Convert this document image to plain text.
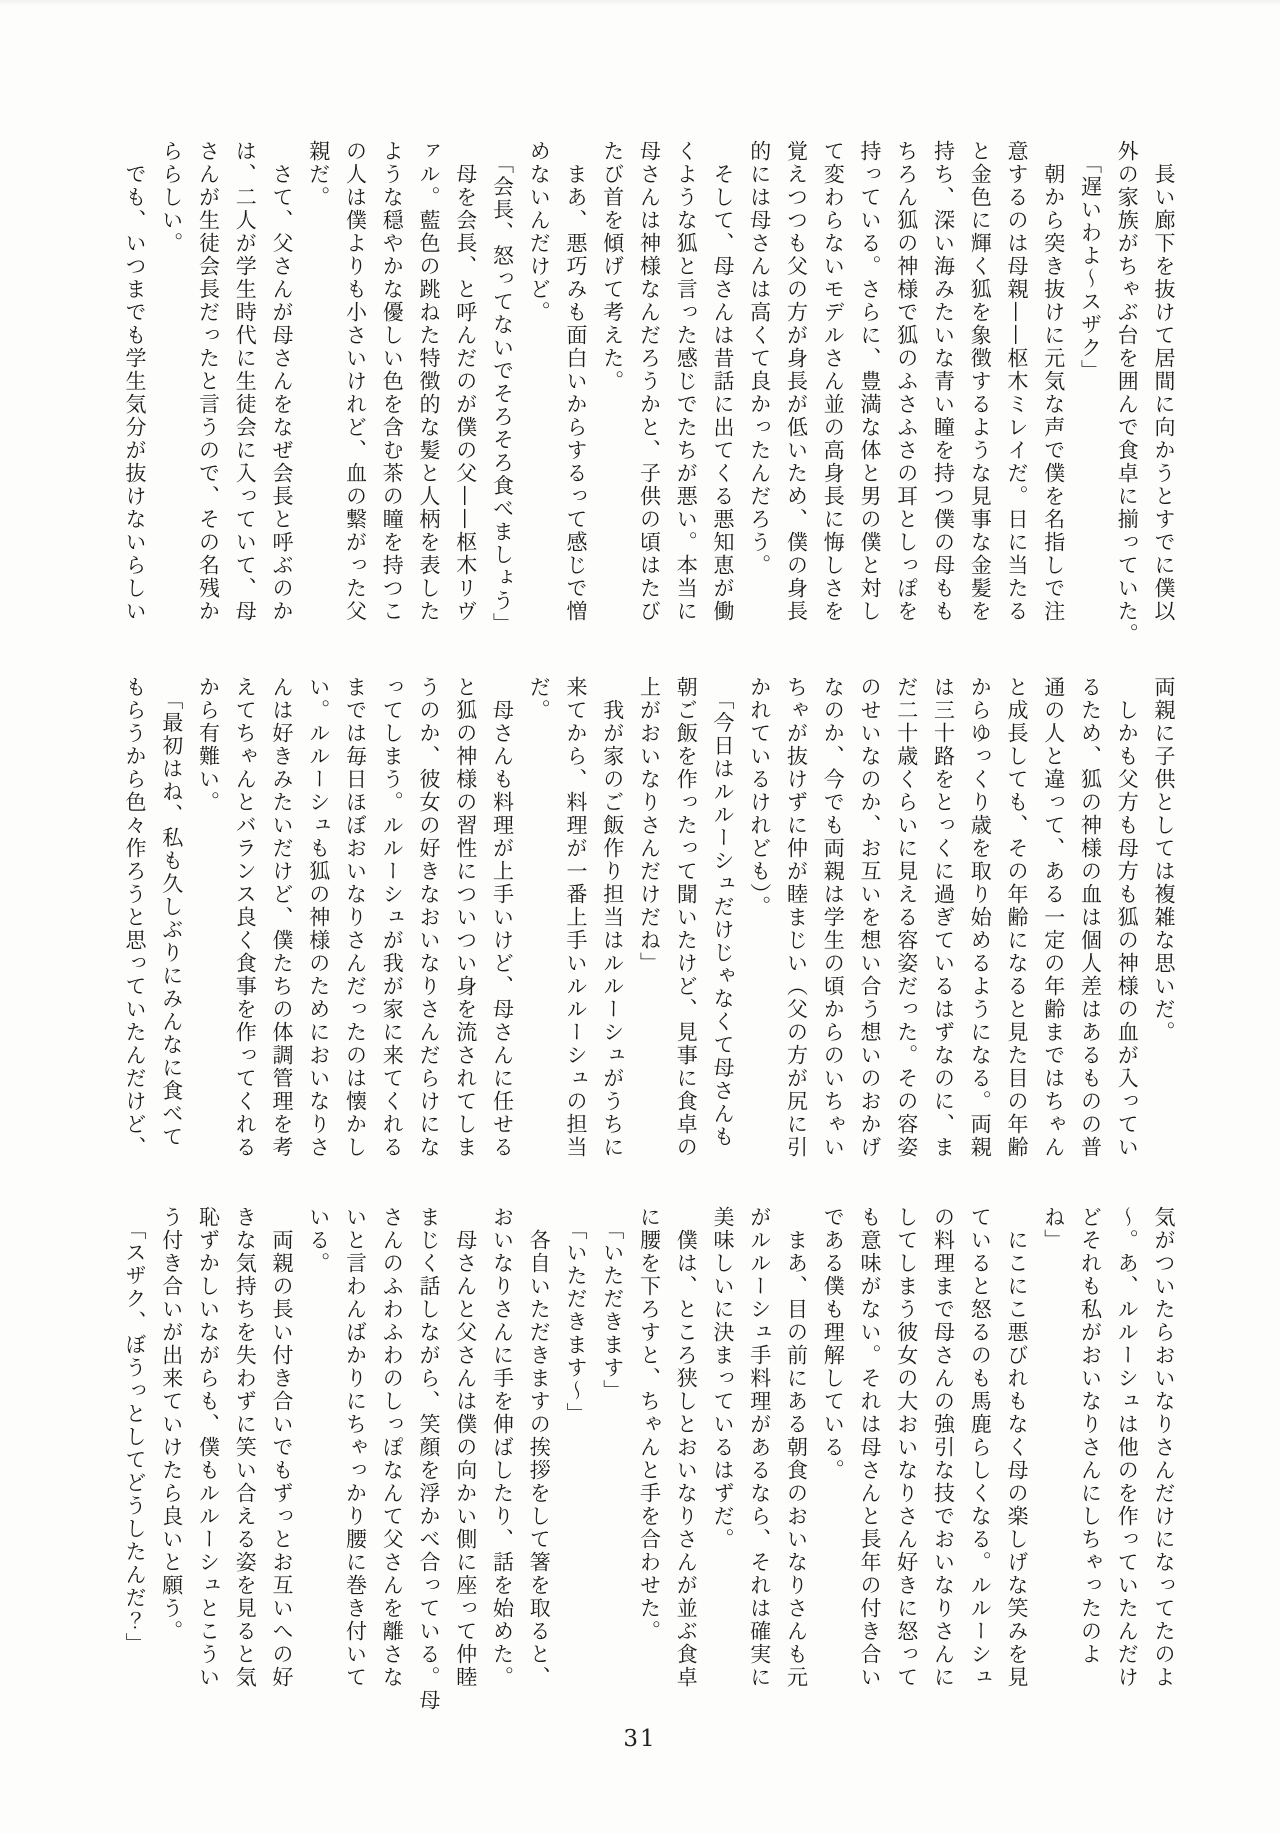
　長い廊下を抜けて居間に向かうとすでに僕以
外の家族がちゃぶ台を囲んで食卓に揃っていた。
　「遅いわよ〜スザク」
　朝から突き抜けに元気な声で僕を名指しで注
意するのは母親——枢木ミレイだ。日に当たる
と金色に輝く狐を象徴するような見事な金髪を
持ち、深い海みたいな青い瞳を持つ僕の母もも
ちろん狐の神様で狐のふさふさの耳としっぽを
持っている。さらに、豊満な体と男の僕と対し
て変わらないモデルさん並の高身長に悔しさを
覚えつつも父の方が身長が低いため、僕の身長
的には母さんは高くて良かったんだろう。
　そして、母さんは昔話に出てくる悪知恵が働
くような狐と言った感じでたちが悪い。本当に
母さんは神様なんだろうかと、子供の頃はたび
たび首を傾げて考えた。
　まあ、悪巧みも面白いからするって感じで憎
めないんだけど。
　「会長、怒ってないでそろそろ食べましょう」
　母を会長、と呼んだのが僕の父——枢木リヴ
ァル。藍色の跳ねた特徴的な髪と人柄を表した
ような穏やかな優しい色を含む茶の瞳を持つこ
の人は僕よりも小さいけれど、血の繋がった父
親だ。
　さて、父さんが母さんをなぜ会長と呼ぶのか
は、二人が学生時代に生徒会に入っていて、母
さんが生徒会長だったと言うので、その名残か
ららしい。
　でも、いつまでも学生気分が抜けないらしい
両親に子供としては複雑な思いだ。
　しかも父方も母方も狐の神様の血が入ってい
るため、狐の神様の血は個人差はあるものの普
通の人と違って、ある一定の年齢まではちゃん
と成長しても、その年齢になると見た目の年齢
からゆっくり歳を取り始めるようになる。両親
は三十路をとっくに過ぎているはずなのに、ま
だ二十歳くらいに見える容姿だった。その容姿
のせいなのか、お互いを想い合う想いのおかげ
なのか、今でも両親は学生の頃からのいちゃい
ちゃが抜けずに仲が睦まじい（父の方が尻に引
かれているけれども）。
　「今日はルルーシュだけじゃなくて母さんも
朝ご飯を作ったって聞いたけど、見事に食卓の
上がおいなりさんだけだね」
　我が家のご飯作り担当はルルーシュがうちに
来てから、料理が一番上手いルルーシュの担当
だ。
　母さんも料理が上手いけど、母さんに任せる
と狐の神様の習性についつい身を流されてしま
うのか、彼女の好きなおいなりさんだらけにな
ってしまう。ルルーシュが我が家に来てくれる
までは毎日ほぼおいなりさんだったのは懐かし
い。ルルーシュも狐の神様のためにおいなりさ
んは好きみたいだけど、僕たちの体調管理を考
えてちゃんとバランス良く食事を作ってくれる
から有難い。
　「最初はね、私も久しぶりにみんなに食べて
もらうから色々作ろうと思っていたんだけど、
気がついたらおいなりさんだけになってたのよ
〜。あ、ルルーシュは他のを作っていたんだけ
どそれも私がおいなりさんにしちゃったのよ
ね」
　にこにこ悪びれもなく母の楽しげな笑みを見
ていると怒るのも馬鹿らしくなる。ルルーシュ
の料理まで母さんの強引な技でおいなりさんに
してしまう彼女の大おいなりさん好きに怒って
も意味がない。それは母さんと長年の付き合い
である僕も理解している。
　まあ、目の前にある朝食のおいなりさんも元
がルルーシュ手料理があるなら、それは確実に
美味しいに決まっているはずだ。
　僕は、ところ狭しとおいなりさんが並ぶ食卓
に腰を下ろすと、ちゃんと手を合わせた。
　「いただきます」
　「いただきます〜」
　各自いただきますの挨拶をして箸を取ると、
おいなりさんに手を伸ばしたり、話を始めた。
　母さんと父さんは僕の向かい側に座って仲睦
まじく話しながら、笑顔を浮かべ合っている。母
さんのふわふわのしっぽなんて父さんを離さな
いと言わんばかりにちゃっかり腰に巻き付いて
いる。
　両親の長い付き合いでもずっとお互いへの好
きな気持ちを失わずに笑い合える姿を見ると気
恥ずかしいながらも、僕もルルーシュとこうい
う付き合いが出来ていけたら良いと願う。
　「スザク、ぼうっとしてどうしたんだ？」
31
